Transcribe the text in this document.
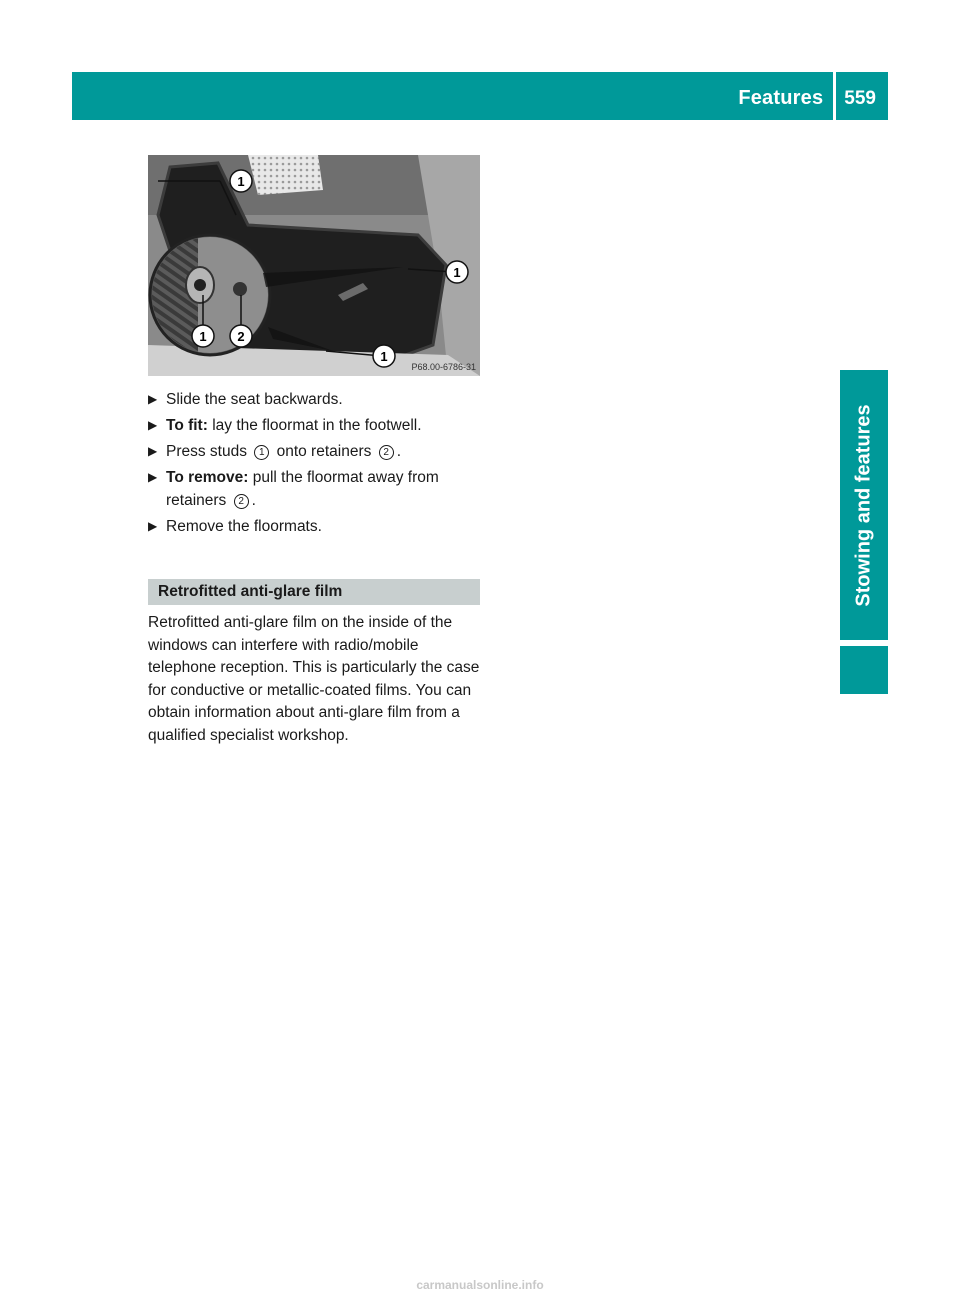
Features	559
Stowing and features
1
1
1
1 2
P68.00-6786-31
▶ Slide the seat backwards.
▶ To fit: lay the floormat in the footwell.
▶ Press studs 1 onto retainers 2 .
▶ To remove: pull the floormat away from retainers 2 .
▶ Remove the floormats.
Retrofitted anti-glare film

Retrofitted anti-glare film on the inside of the windows can interfere with radio/mobile telephone reception. This is particularly the case for conductive or metallic-coated films. You can obtain information about anti-glare film from a qualified specialist workshop.

carmanualsonline.info
